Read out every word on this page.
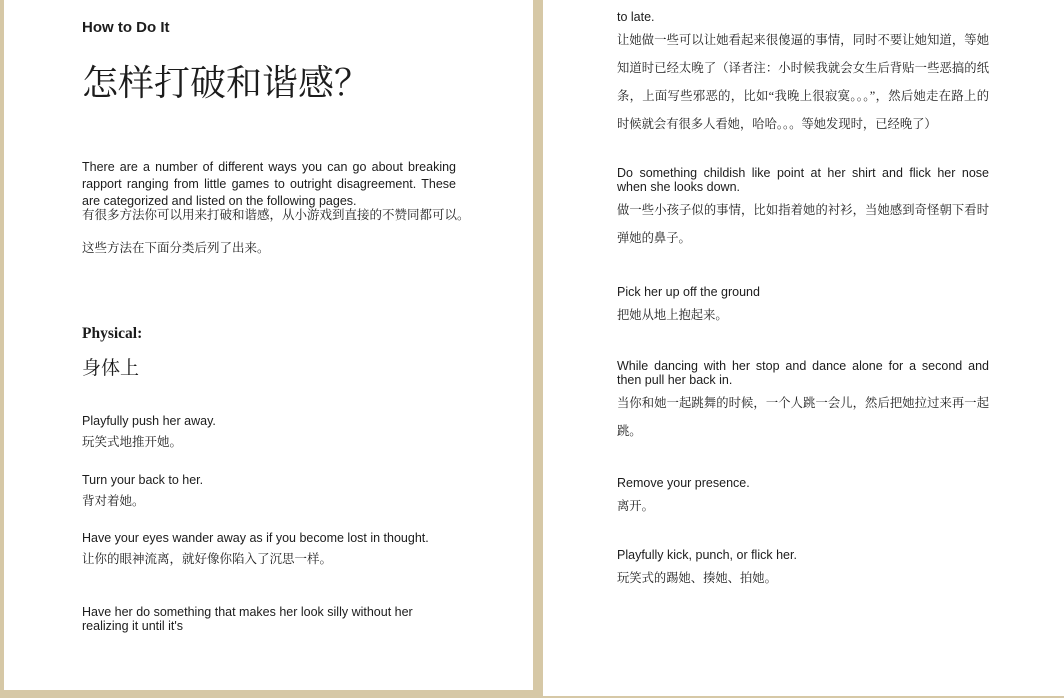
How to Do It
怎样打破和谐感？
There are a number of different ways you can go about breaking rapport ranging from little games to outright disagreement. These are categorized and listed on the following pages.
有很多方法你可以用来打破和谐感，从小游戏到直接的不赞同都可以。
这些方法在下面分类后列了出来。
Physical:
身体上
Playfully push her away.
玩笑式地推开她。
Turn your back to her.
背对着她。
Have your eyes wander away as if you become lost in thought.
让你的眼神流离，就好像你陷入了沉思一样。
Have her do something that makes her look silly without her realizing it until it's
to late.
让她做一些可以让她看起来很傻逼的事情，同时不要让她知道，等她知道时已经太晚了（译者注：小时候我就会女生后背贴一些恶搞的纸条，上面写些邪恶的，比如“我晚上很寂寞。。。”，然后她走在路上的时候就会有很多人看她，哈哈。。。等她发现时，已经晚了）
Do something childish like point at her shirt and flick her nose when she looks down.
做一些小孩子似的事情，比如指着她的衬衫，当她感到奇怪朝下看时弹她的鼻子。
Pick her up off the ground
把她从地上抱起来。
While dancing with her stop and dance alone for a second and then pull her back in.
当你和她一起跳舞的时候，一个人跳一会儿，然后把她拉过来再一起跳。
Remove your presence.
离开。
Playfully kick, punch, or flick her.
玩笑式的踢她、揍她、拍她。
